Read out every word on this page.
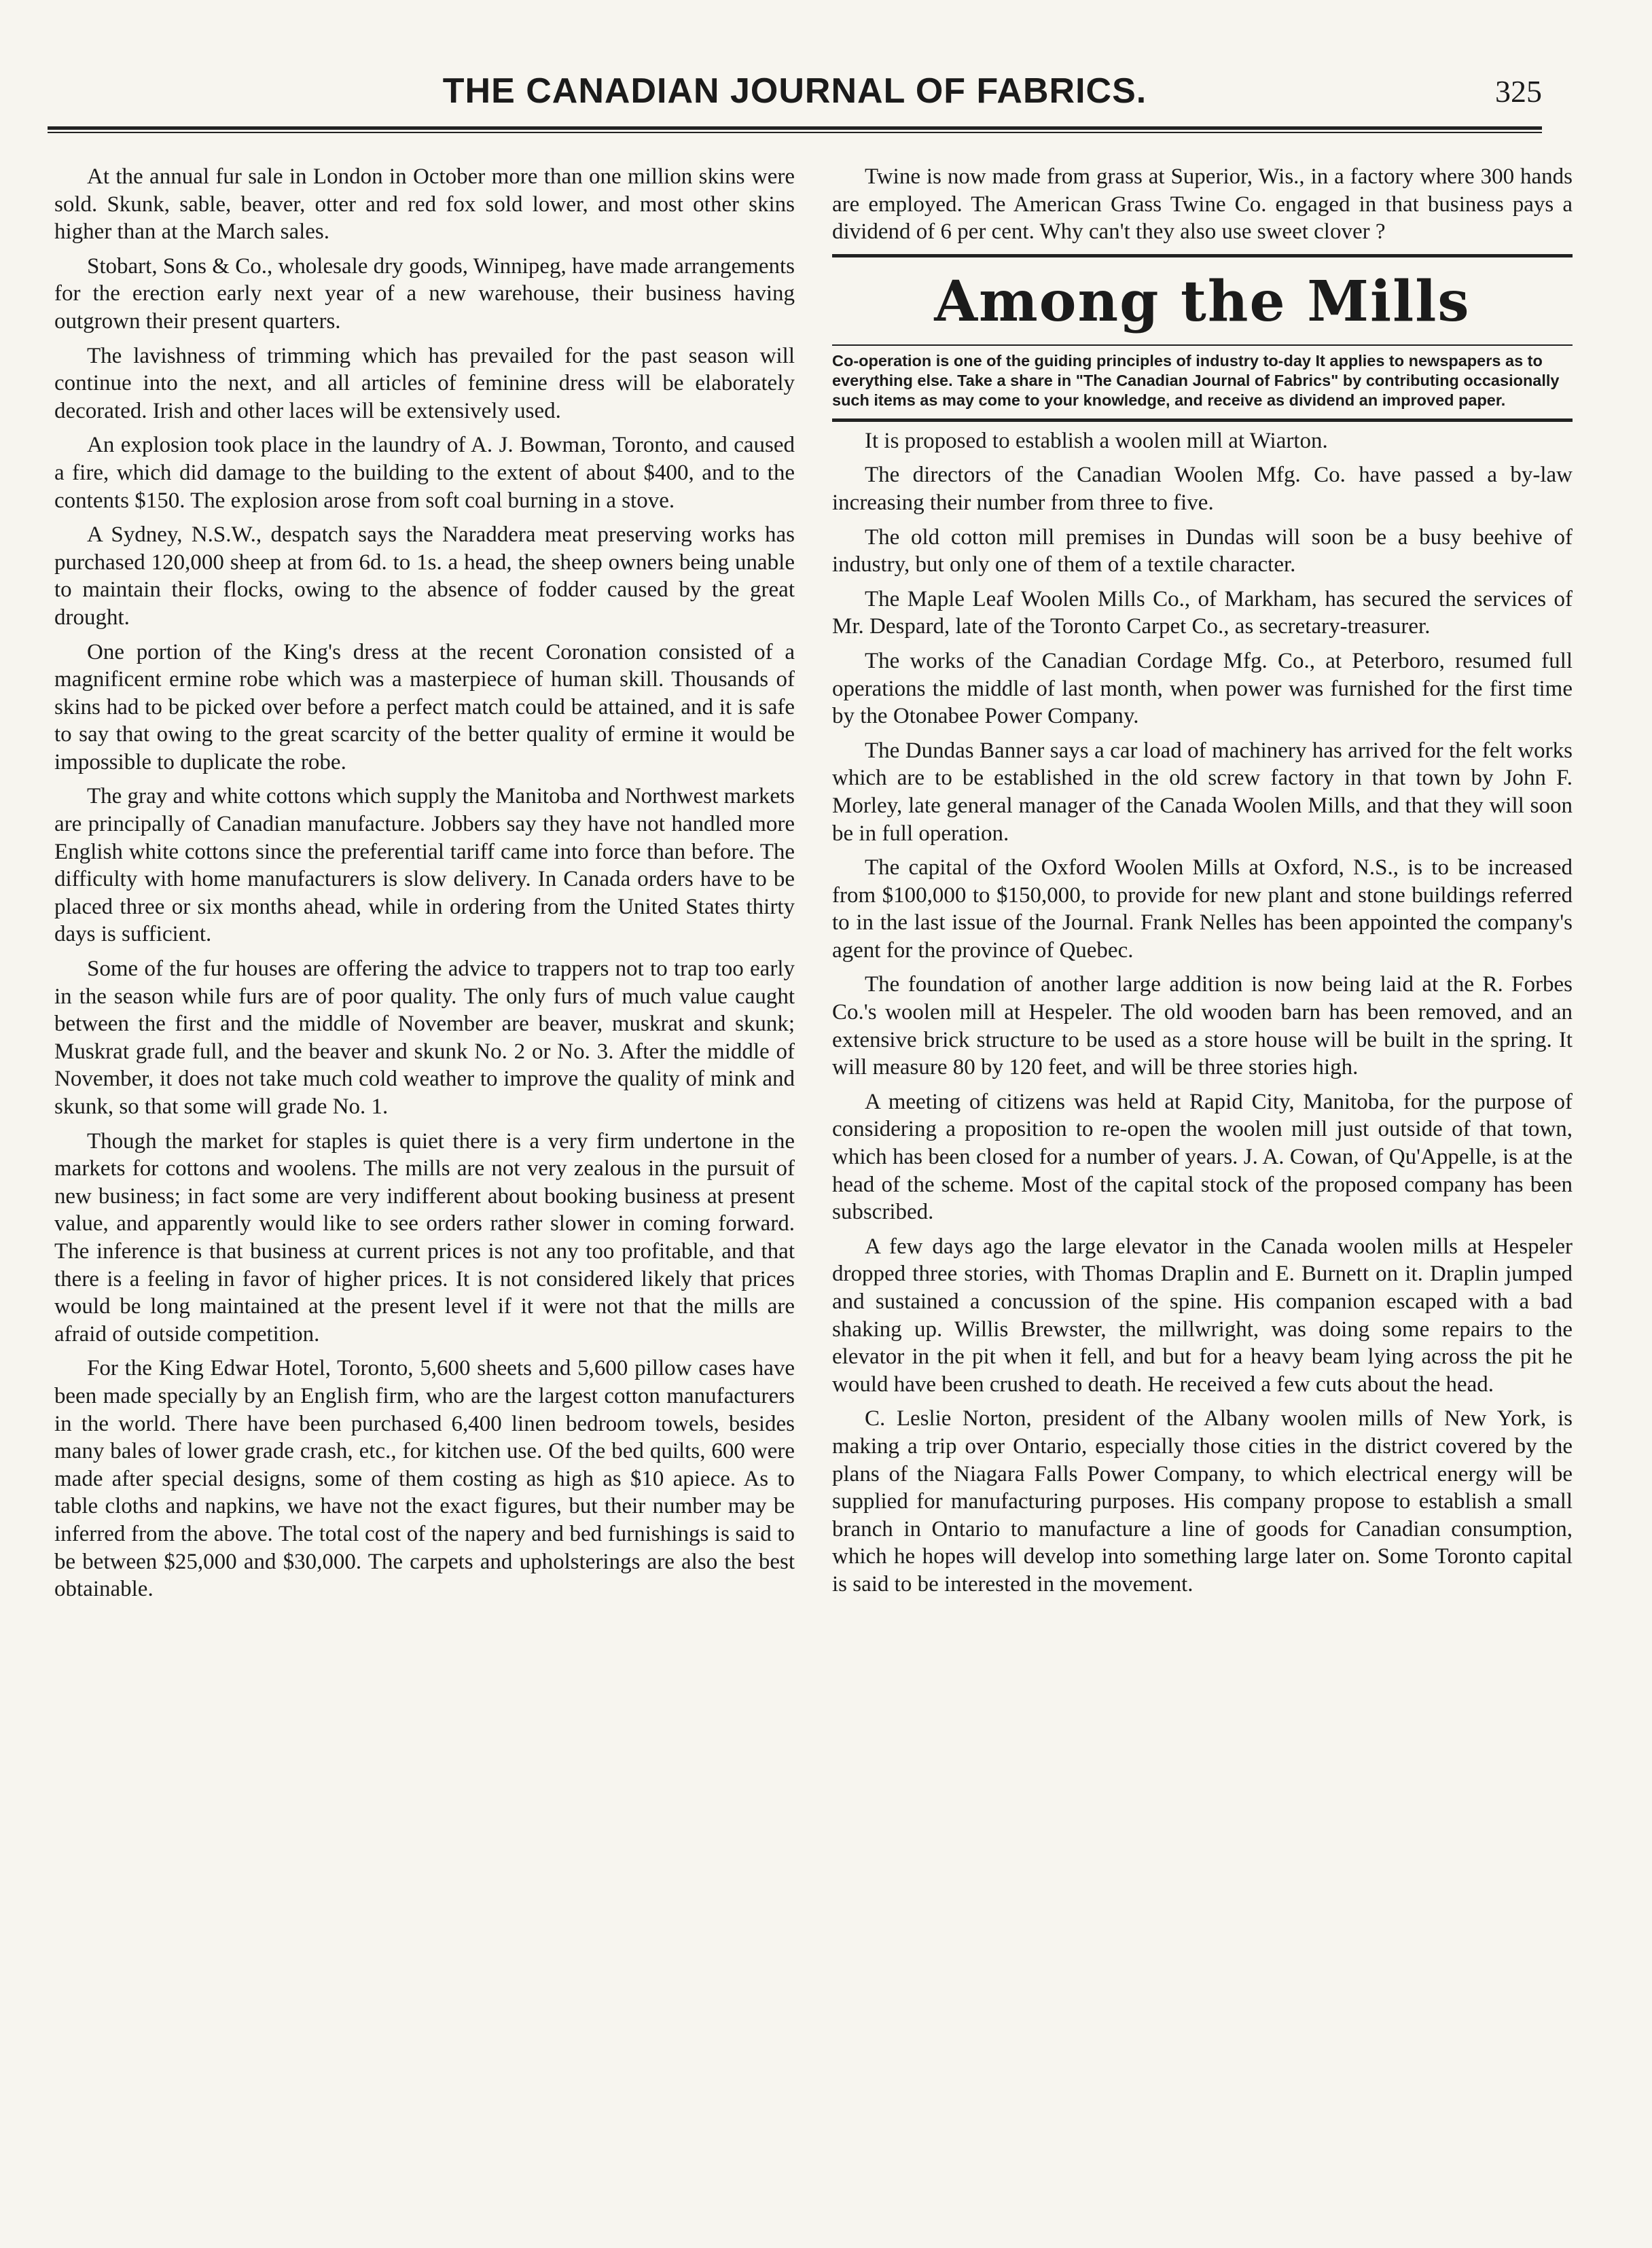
THE CANADIAN JOURNAL OF FABRICS.	325

At the annual fur sale in London in October more than one million skins were sold. Skunk, sable, beaver, otter and red fox sold lower, and most other skins higher than at the March sales.

Stobart, Sons & Co., wholesale dry goods, Winnipeg, have made arrangements for the erection early next year of a new warehouse, their business having outgrown their present quarters.

The lavishness of trimming which has prevailed for the past season will continue into the next, and all articles of feminine dress will be elaborately decorated. Irish and other laces will be extensively used.

An explosion took place in the laundry of A. J. Bowman, Toronto, and caused a fire, which did damage to the building to the extent of about $400, and to the contents $150. The explosion arose from soft coal burning in a stove.

A Sydney, N.S.W., despatch says the Naraddera meat preserving works has purchased 120,000 sheep at from 6d. to 1s. a head, the sheep owners being unable to maintain their flocks, owing to the absence of fodder caused by the great drought.

One portion of the King's dress at the recent Coronation consisted of a magnificent ermine robe which was a masterpiece of human skill. Thousands of skins had to be picked over before a perfect match could be attained, and it is safe to say that owing to the great scarcity of the better quality of ermine it would be impossible to duplicate the robe.

The gray and white cottons which supply the Manitoba and Northwest markets are principally of Canadian manufacture. Jobbers say they have not handled more English white cottons since the preferential tariff came into force than before. The difficulty with home manufacturers is slow delivery. In Canada orders have to be placed three or six months ahead, while in ordering from the United States thirty days is sufficient.

Some of the fur houses are offering the advice to trappers not to trap too early in the season while furs are of poor quality. The only furs of much value caught between the first and the middle of November are beaver, muskrat and skunk; Muskrat grade full, and the beaver and skunk No. 2 or No. 3. After the middle of November, it does not take much cold weather to improve the quality of mink and skunk, so that some will grade No. 1.

Though the market for staples is quiet there is a very firm undertone in the markets for cottons and woolens. The mills are not very zealous in the pursuit of new business; in fact some are very indifferent about booking business at present value, and apparently would like to see orders rather slower in coming forward. The inference is that business at current prices is not any too profitable, and that there is a feeling in favor of higher prices. It is not considered likely that prices would be long maintained at the present level if it were not that the mills are afraid of outside competition.

For the King Edwar Hotel, Toronto, 5,600 sheets and 5,600 pillow cases have been made specially by an English firm, who are the largest cotton manufacturers in the world. There have been purchased 6,400 linen bedroom towels, besides many bales of lower grade crash, etc., for kitchen use. Of the bed quilts, 600 were made after special designs, some of them costing as high as $10 apiece. As to table cloths and napkins, we have not the exact figures, but their number may be inferred from the above. The total cost of the napery and bed furnishings is said to be between $25,000 and $30,000. The carpets and upholsterings are also the best obtainable.

Twine is now made from grass at Superior, Wis., in a factory where 300 hands are employed. The American Grass Twine Co. engaged in that business pays a dividend of 6 per cent. Why can't they also use sweet clover ?

Among the Mills
Co-operation is one of the guiding principles of industry to-day It applies to newspapers as to everything else. Take a share in "The Canadian Journal of Fabrics" by contributing occasionally such items as may come to your knowledge, and receive as dividend an improved paper.

It is proposed to establish a woolen mill at Wiarton.

The directors of the Canadian Woolen Mfg. Co. have passed a by-law increasing their number from three to five.

The old cotton mill premises in Dundas will soon be a busy beehive of industry, but only one of them of a textile character.

The Maple Leaf Woolen Mills Co., of Markham, has secured the services of Mr. Despard, late of the Toronto Carpet Co., as secretary-treasurer.

The works of the Canadian Cordage Mfg. Co., at Peterboro, resumed full operations the middle of last month, when power was furnished for the first time by the Otonabee Power Company.

The Dundas Banner says a car load of machinery has arrived for the felt works which are to be established in the old screw factory in that town by John F. Morley, late general manager of the Canada Woolen Mills, and that they will soon be in full operation.

The capital of the Oxford Woolen Mills at Oxford, N.S., is to be increased from $100,000 to $150,000, to provide for new plant and stone buildings referred to in the last issue of the Journal. Frank Nelles has been appointed the company's agent for the province of Quebec.

The foundation of another large addition is now being laid at the R. Forbes Co.'s woolen mill at Hespeler. The old wooden barn has been removed, and an extensive brick structure to be used as a store house will be built in the spring. It will measure 80 by 120 feet, and will be three stories high.

A meeting of citizens was held at Rapid City, Manitoba, for the purpose of considering a proposition to re-open the woolen mill just outside of that town, which has been closed for a number of years. J. A. Cowan, of Qu'Appelle, is at the head of the scheme. Most of the capital stock of the proposed company has been subscribed.

A few days ago the large elevator in the Canada woolen mills at Hespeler dropped three stories, with Thomas Draplin and E. Burnett on it. Draplin jumped and sustained a concussion of the spine. His companion escaped with a bad shaking up. Willis Brewster, the millwright, was doing some repairs to the elevator in the pit when it fell, and but for a heavy beam lying across the pit he would have been crushed to death. He received a few cuts about the head.

C. Leslie Norton, president of the Albany woolen mills of New York, is making a trip over Ontario, especially those cities in the district covered by the plans of the Niagara Falls Power Company, to which electrical energy will be supplied for manufacturing purposes. His company propose to establish a small branch in Ontario to manufacture a line of goods for Canadian consumption, which he hopes will develop into something large later on. Some Toronto capital is said to be interested in the movement.
